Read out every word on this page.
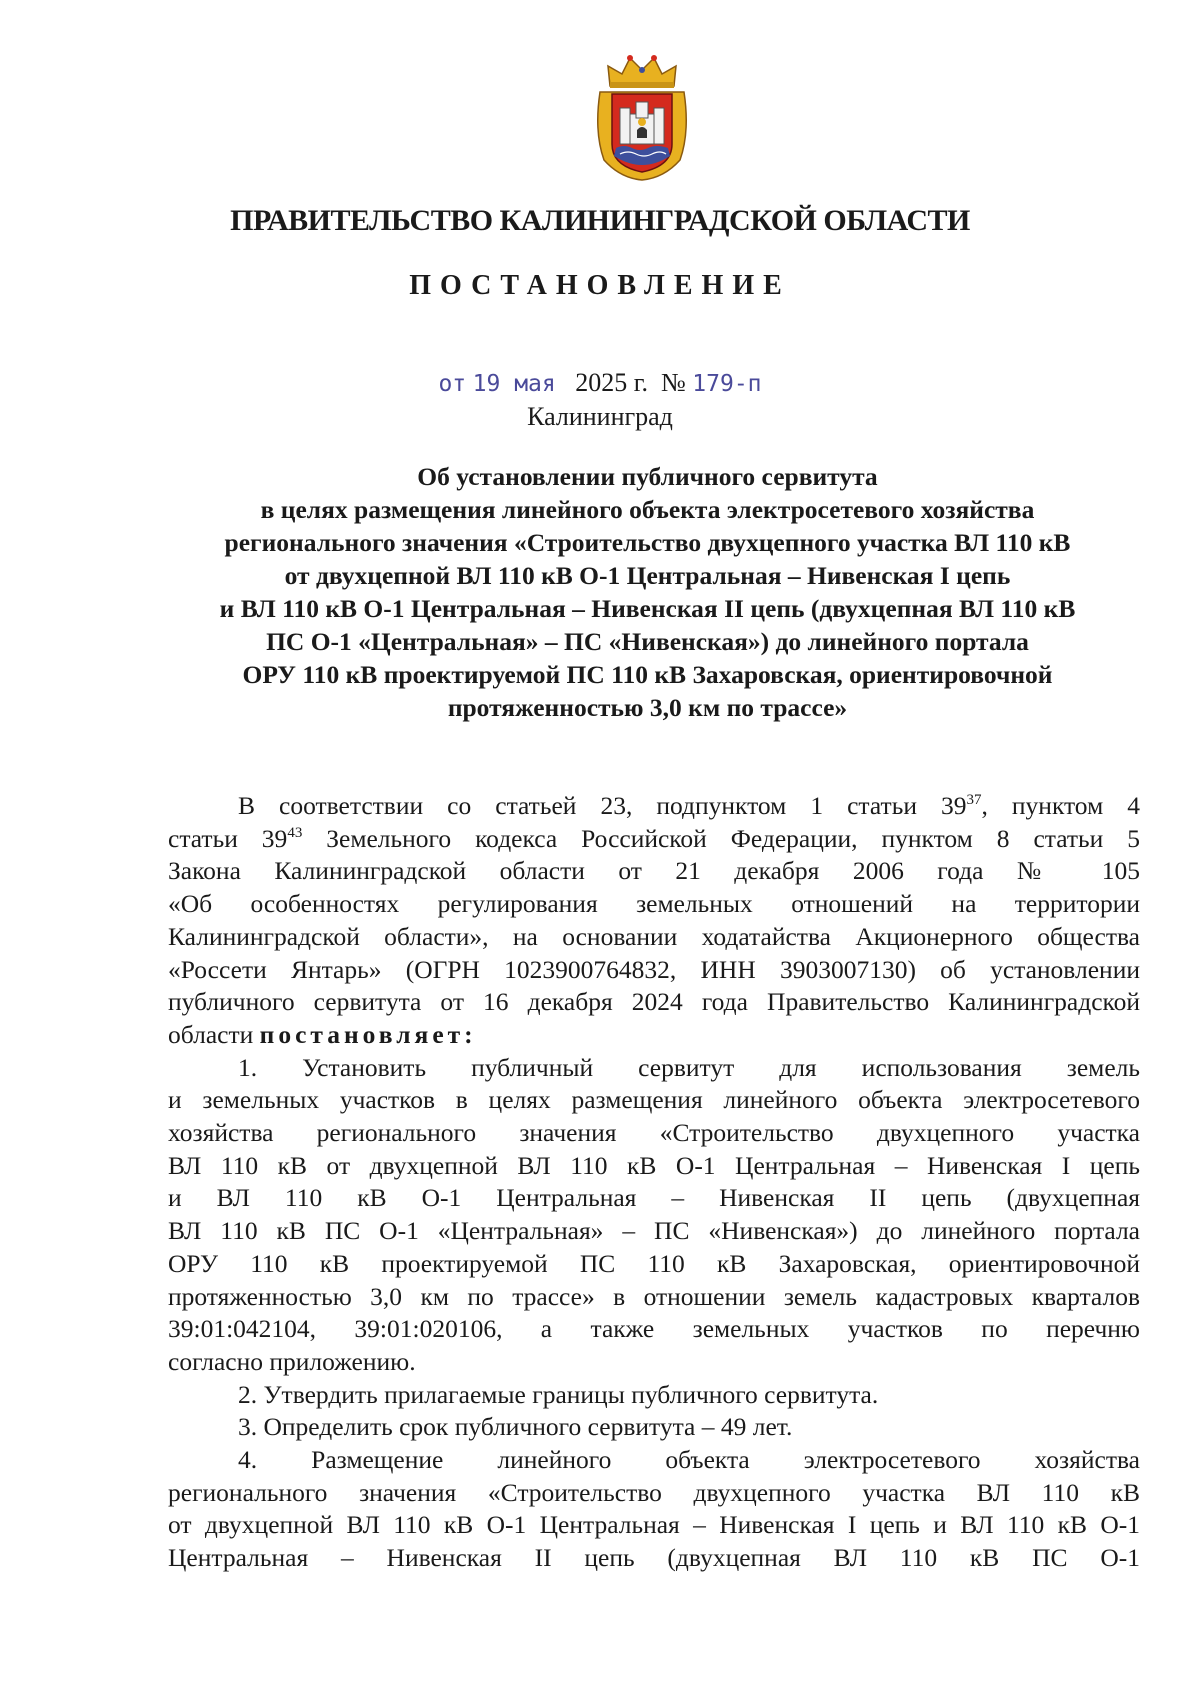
ПРАВИТЕЛЬСТВО КАЛИНИНГРАДСКОЙ ОБЛАСТИ
ПОСТАНОВЛЕНИЕ
от 19 мая 2025 г. № 179-п
Калининград
Об установлении публичного сервитута
в целях размещения линейного объекта электросетевого хозяйства
регионального значения «Строительство двухцепного участка ВЛ 110 кВ
от двухцепной ВЛ 110 кВ О-1 Центральная – Нивенская I цепь
и ВЛ 110 кВ О-1 Центральная – Нивенская II цепь (двухцепная ВЛ 110 кВ
ПС О-1 «Центральная» – ПС «Нивенская») до линейного портала
ОРУ 110 кВ проектируемой ПС 110 кВ Захаровская, ориентировочной
протяженностью 3,0 км по трассе»
В соответствии со статьей 23, подпунктом 1 статьи $39^{37}$, пунктом 4
статьи $39^{43}$ Земельного кодекса Российской Федерации, пунктом 8 статьи 5
Закона Калининградской области от 21 декабря 2006 года № 105
«Об особенностях регулирования земельных отношений на территории
Калининградской области», на основании ходатайства Акционерного общества
«Россети Янтарь» (ОГРН 1023900764832, ИНН 3903007130) об установлении
публичного сервитута от 16 декабря 2024 года Правительство Калининградской
области постановляет:
1. Установить публичный сервитут для использования земель
и земельных участков в целях размещения линейного объекта электросетевого
хозяйства регионального значения «Строительство двухцепного участка
ВЛ 110 кВ от двухцепной ВЛ 110 кВ О-1 Центральная – Нивенская I цепь
и ВЛ 110 кВ О-1 Центральная – Нивенская II цепь (двухцепная
ВЛ 110 кВ ПС О-1 «Центральная» – ПС «Нивенская») до линейного портала
ОРУ 110 кВ проектируемой ПС 110 кВ Захаровская, ориентировочной
протяженностью 3,0 км по трассе» в отношении земель кадастровых кварталов
39:01:042104, 39:01:020106, а также земельных участков по перечню
согласно приложению.
2. Утвердить прилагаемые границы публичного сервитута.
3. Определить срок публичного сервитута – 49 лет.
4. Размещение линейного объекта электросетевого хозяйства
регионального значения «Строительство двухцепного участка ВЛ 110 кВ
от двухцепной ВЛ 110 кВ О-1 Центральная – Нивенская I цепь и ВЛ 110 кВ О-1
Центральная – Нивенская II цепь (двухцепная ВЛ 110 кВ ПС О-1
